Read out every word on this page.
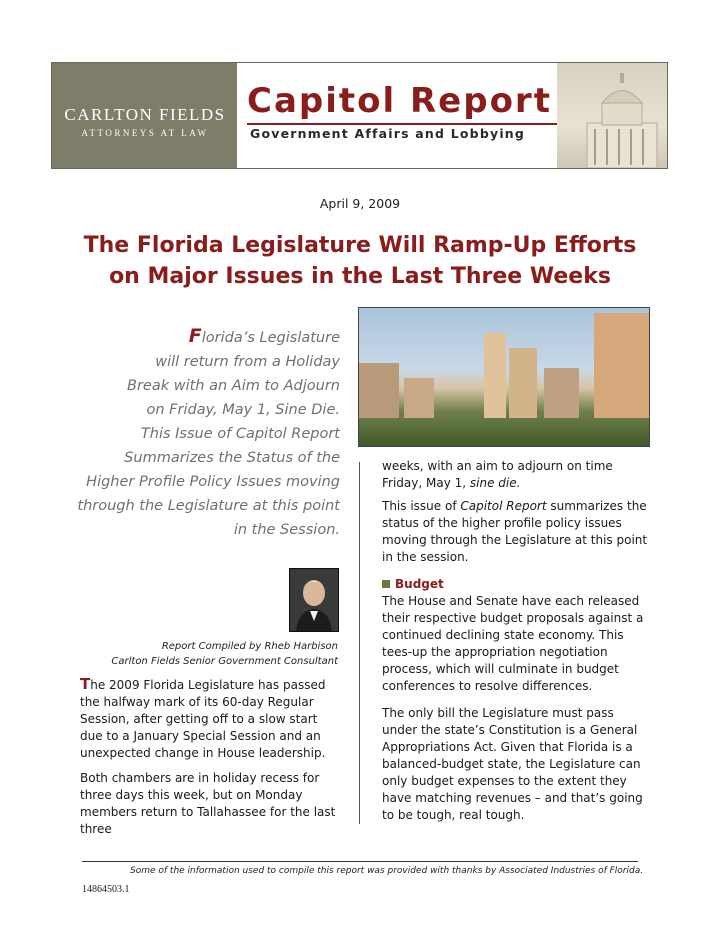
CARLTON FIELDS
ATTORNEYS AT LAW
Capitol Report
Government Affairs and Lobbying
April 9, 2009
The Florida Legislature Will Ramp-Up Efforts
on Major Issues in the Last Three Weeks
Florida’s Legislature
will return from a Holiday
Break with an Aim to Adjourn
on Friday, May 1, Sine Die.
This Issue of Capitol Report
Summarizes the Status of the
Higher Profile Policy Issues moving
through the Legislature at this point
in the Session.
Report Compiled by Rheb Harbison
Carlton Fields Senior Government Consultant

The 2009 Florida Legislature has passed the halfway mark of its 60-day Regular Session, after getting off to a slow start due to a January Special Session and an unexpected change in House leadership.

Both chambers are in holiday recess for three days this week, but on Monday members return to Tallahassee for the last three

weeks, with an aim to adjourn on time Friday, May 1, sine die.

This issue of Capitol Report summarizes the status of the higher profile policy issues moving through the Legislature at this point in the session.

Budget

The House and Senate have each released their respective budget proposals against a continued declining state economy. This tees-up the appropriation negotiation process, which will culminate in budget conferences to resolve differences.

The only bill the Legislature must pass under the state’s Constitution is a General Appropriations Act. Given that Florida is a balanced-budget state, the Legislature can only budget expenses to the extent they have matching revenues – and that’s going to be tough, real tough.

Some of the information used to compile this report was provided with thanks by Associated Industries of Florida.
14864503.1
